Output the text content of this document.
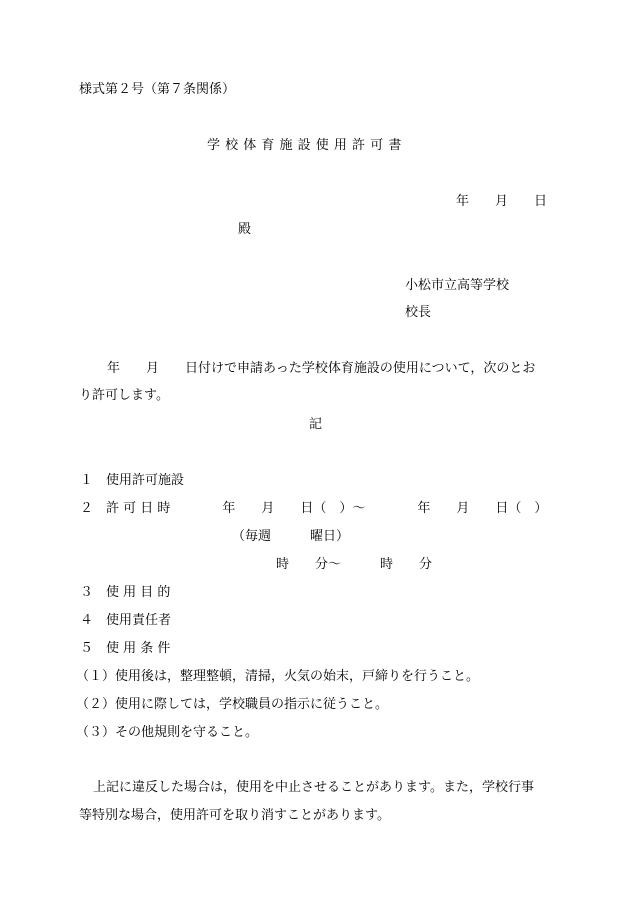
様式第２号（第７条関係）
学 校 体 育 施 設 使 用 許 可 書
年　　月　　日
殿
小松市立高等学校
校長
年　　月　　日付けで申請あった学校体育施設の使用について，次のとお
り許可します。
記
１　使用許可施設
２　許 可 日 時　　　　年　　月　　日（　）～　　　　年　　月　　日（　）
（毎週　　　曜日）
時　　分～　　　時　　分
３　使 用 目 的
４　使用責任者
５　使 用 条 件
（１）使用後は，整理整頓，清掃，火気の始末，戸締りを行うこと。
（２）使用に際しては，学校職員の指示に従うこと。
（３）その他規則を守ること。
上記に違反した場合は，使用を中止させることがあります。また，学校行事
等特別な場合，使用許可を取り消すことがあります。
